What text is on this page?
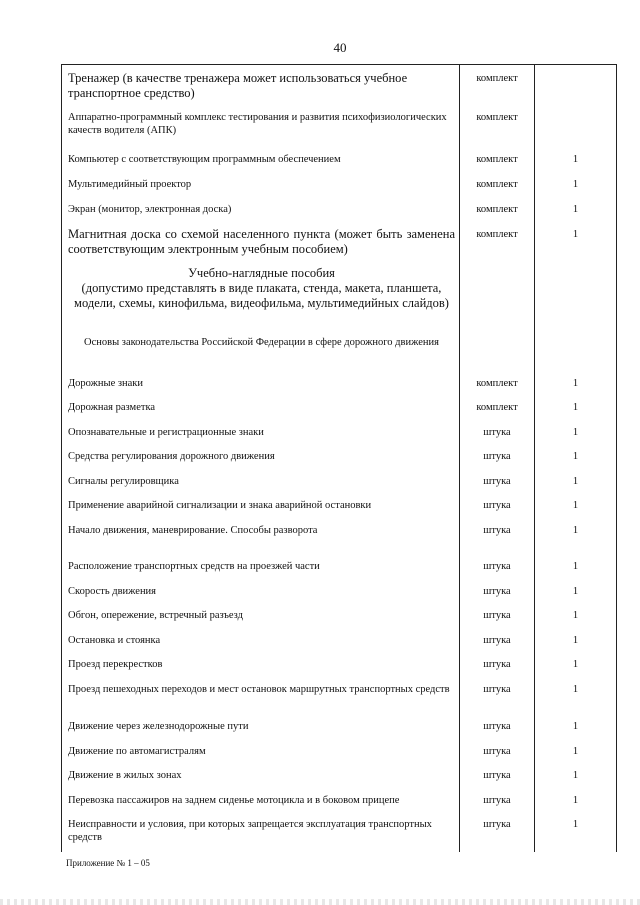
40
Тренажер (в качестве тренажера может использоваться учебное транспортное средство)	комплект	
Аппаратно-программный комплекс тестирования и развития психофизиологических качеств водителя (АПК)	комплект	
Компьютер с соответствующим программным обеспечением	комплект	1
Мультимедийный проектор	комплект	1
Экран (монитор, электронная доска)	комплект	1
Магнитная доска со схемой населенного пункта (может быть заменена соответствующим электронным учебным пособием)	комплект	1
Учебно-наглядные пособия
(допустимо представлять в виде плаката, стенда, макета, планшета, модели, схемы, кинофильма, видеофильма, мультимедийных слайдов)		
Основы законодательства Российской Федерации в сфере дорожного движения		
Дорожные знаки	комплект	1
Дорожная разметка	комплект	1
Опознавательные и регистрационные знаки	штука	1
Средства регулирования дорожного движения	штука	1
Сигналы регулировщика	штука	1
Применение аварийной сигнализации и знака аварийной остановки	штука	1
Начало движения, маневрирование. Способы разворота	штука	1
Расположение транспортных средств на проезжей части	штука	1
Скорость движения	штука	1
Обгон, опережение, встречный разъезд	штука	1
Остановка и стоянка	штука	1
Проезд перекрестков	штука	1
Проезд пешеходных переходов и мест остановок маршрутных транспортных средств	штука	1
Движение через железнодорожные пути	штука	1
Движение по автомагистралям	штука	1
Движение в жилых зонах	штука	1
Перевозка пассажиров на заднем сиденье мотоцикла и в боковом прицепе	штука	1
Неисправности и условия, при которых запрещается эксплуатация транспортных средств	штука	1
Приложение № 1 – 05
